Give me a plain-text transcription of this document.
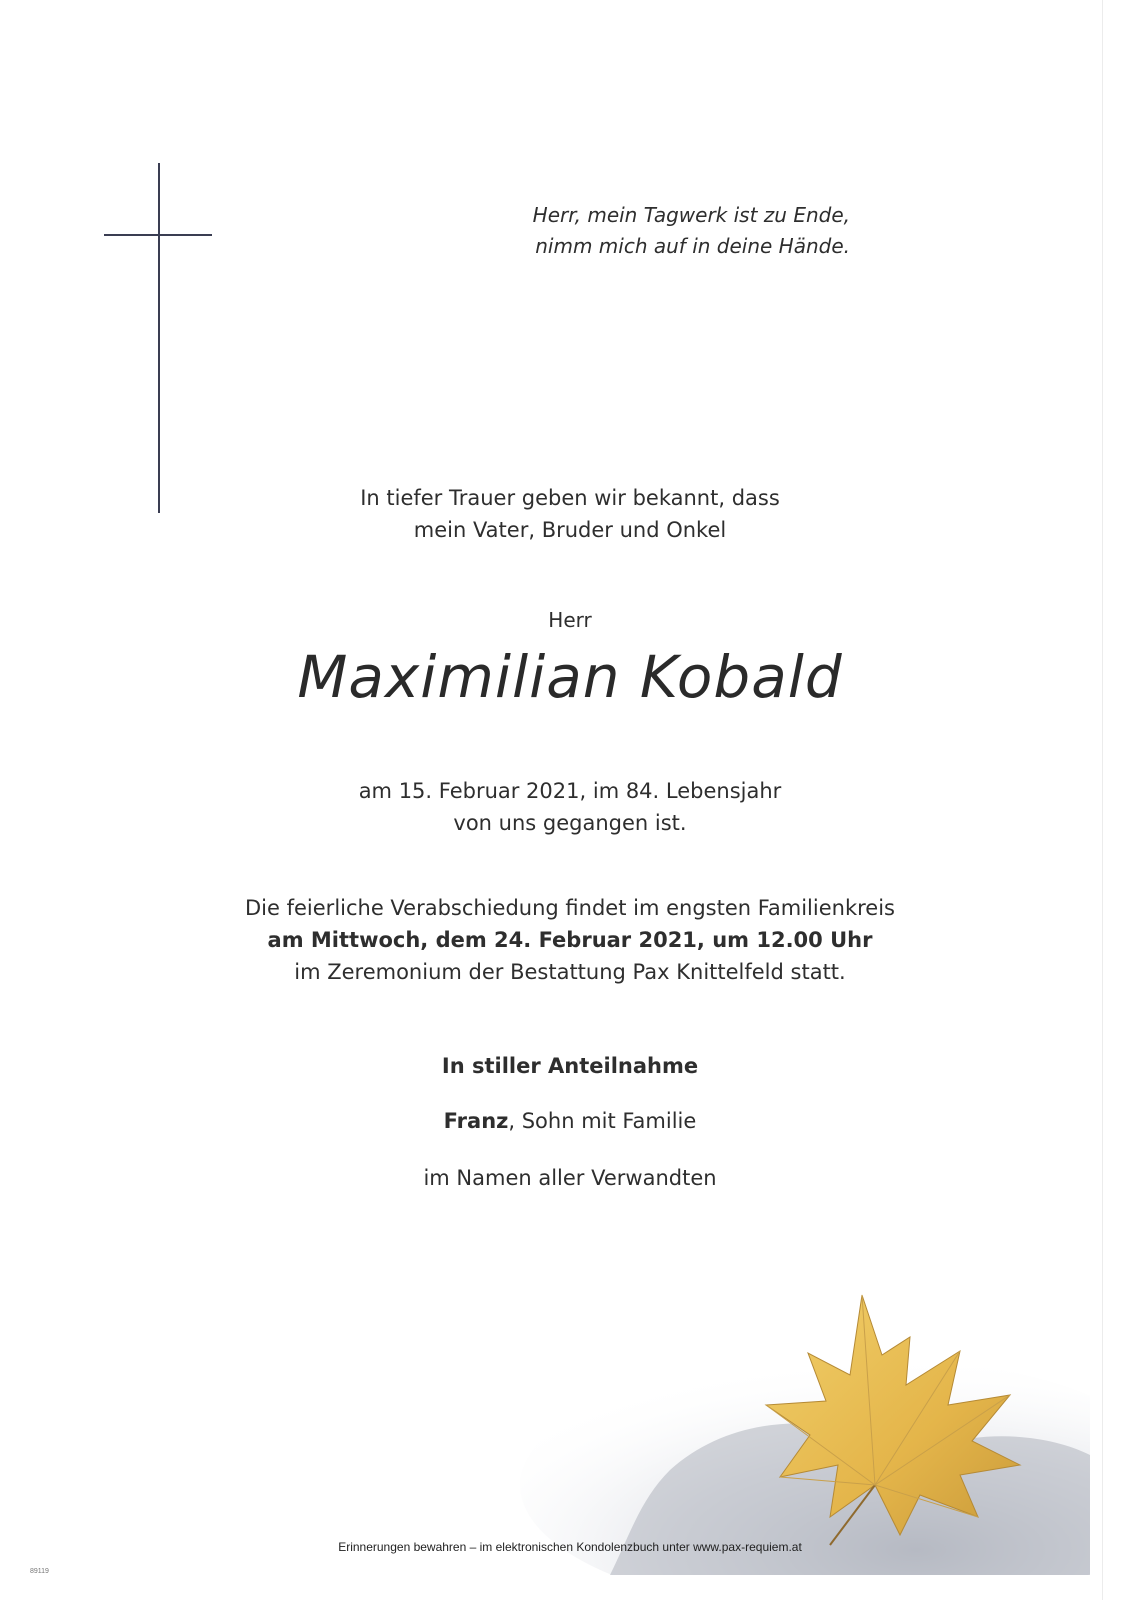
Herr, mein Tagwerk ist zu Ende,
nimm mich auf in deine Hände.
In tiefer Trauer geben wir bekannt, dass
mein Vater, Bruder und Onkel
Herr
Maximilian Kobald
am 15. Februar 2021, im 84. Lebensjahr
von uns gegangen ist.
Die feierliche Verabschiedung findet im engsten Familienkreis
am Mittwoch, dem 24. Februar 2021, um 12.00 Uhr
im Zeremonium der Bestattung Pax Knittelfeld statt.
In stiller Anteilnahme
Franz, Sohn mit Familie
im Namen aller Verwandten
Erinnerungen bewahren – im elektronischen Kondolenzbuch unter www.pax-requiem.at
89119
